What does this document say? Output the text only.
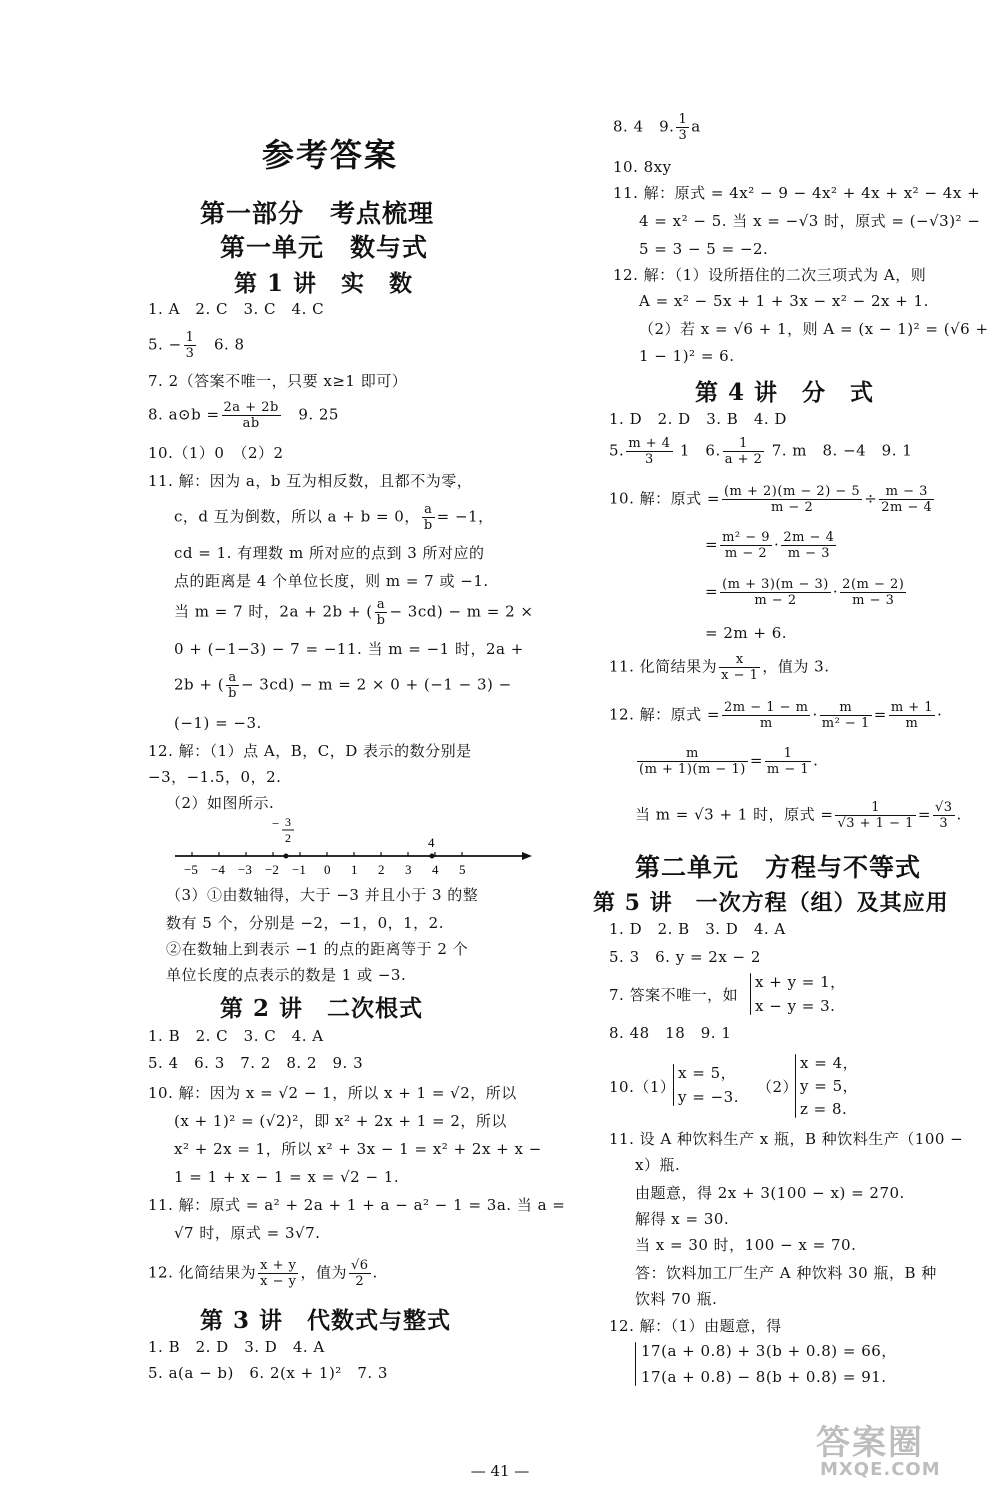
参考答案
第一部分　考点梳理
第一单元　数与式
第 1 讲　实　数
1. A　2. C　3. C　4. C
5. − $\frac{1}{3}$ 　6. 8
7. 2（答案不唯一，只要 x≥1 即可）
8. a⊙b = $\frac{2a + 2b}{ab}$ 　9. 25
10.（1）0　（2）2
11. 解：因为 a，b 互为相反数，且都不为零，
c，d 互为倒数，所以 a + b = 0， $\frac{a}{b} = -1$，
cd = 1. 有理数 m 所对应的点到 3 所对应的
点的距离是 4 个单位长度，则 m = 7 或 −1.
当 m = 7 时，2a + 2b + ( $\frac{a}{b} - 3cd) - m = 2$ ×
0 + (−1−3) − 7 = −11. 当 m = −1 时，2a +
2b + ( $\frac{a}{b} - 3cd) - m = 2 \times 0 + (-1 - 3)$ −
(−1) = −3.
12. 解：（1）点 A，B，C，D 表示的数分别是
−3，−1.5，0，2.
（2）如图所示.
−5 −4 −3 −2 −1 0 1 2 3 4 5
− 3
2	4
（3）①由数轴得，大于 −3 并且小于 3 的整
数有 5 个，分别是 −2，−1，0，1，2.
②在数轴上到表示 −1 的点的距离等于 2 个
单位长度的点表示的数是 1 或 −3.
第 2 讲　二次根式
1. B　2. C　3. C　4. A
5. 4　6. 3　7. 2　8. 2　9. 3
10. 解：因为 x = √2 − 1，所以 x + 1 = √2，所以
(x + 1)² = (√2)²，即 x² + 2x + 1 = 2，所以
x² + 2x = 1，所以 x² + 3x − 1 = x² + 2x + x −
1 = 1 + x − 1 = x = √2 − 1.
11. 解：原式 = a² + 2a + 1 + a − a² − 1 = 3a. 当 a =
√7 时，原式 = 3√7.
12. 化简结果为 $\frac{x + y}{x - y}$ ，值为 $\frac{√6}{2}$ .
第 3 讲　代数式与整式
1. B　2. D　3. D　4. A
5. a(a − b)　6. 2(x + 1)²　7. 3
8. 4　9. $\frac{1}{3}$ a
10. 8xy
11. 解：原式 = 4x² − 9 − 4x² + 4x + x² − 4x +
4 = x² − 5. 当 x = −√3 时，原式 = (−√3)² −
5 = 3 − 5 = −2.
12. 解：（1）设所捂住的二次三项式为 A，则
A = x² − 5x + 1 + 3x − x² − 2x + 1.
（2）若 x = √6 + 1，则 A = (x − 1)² = (√6 +
1 − 1)² = 6.
第 4 讲　分　式
1. D　2. D　3. B　4. D
5. $\frac{m + 4}{3} 1$　6. $\frac{1}{a + 2} 7$. m　8. −4　9. 1
10. 解：原式 = $\frac{(m + 2)(m - 2) - 5}{m - 2} \div \frac{m - 3}{2m - 4}$
= $\frac{\text{m² − 9}}{m - 2} \cdot \frac{2m - 4}{m - 3}$
= $\frac{(m + 3)(m - 3)}{m - 2} \cdot \frac{2(m - 2)}{m - 3}$
= 2m + 6.
11. 化简结果为 $\frac{x}{x - 1}$ ，值为 3.
12. 解：原式 = $\frac{2m - 1 - m}{m} \cdot \frac{m}{\text{m² − 1}} = \frac{m + 1}{m}$ ·
$\frac{m}{(m + 1)(m - 1)} = \frac{1}{m - 1}$ .
当 m = √3 + 1 时，原式 = $\frac{1}{√3 + 1 - 1} = \frac{√3}{3}$ .
第二单元　方程与不等式
第 5 讲　一次方程（组）及其应用
1. D　2. B　3. D　4. A
5. 3　6. y = 2x − 2
7. 答案不唯一，如
x + y = 1，
x − y = 3.
8. 48　18　9. 1
10.（1）
x = 5，
y = −3.
（2）
x = 4，
y = 5，
z = 8.
11. 设 A 种饮料生产 x 瓶，B 种饮料生产（100 −
x）瓶.
由题意，得 2x + 3(100 − x) = 270.
解得 x = 30.
当 x = 30 时，100 − x = 70.
答：饮料加工厂生产 A 种饮料 30 瓶，B 种
饮料 70 瓶.
12. 解：（1）由题意，得
17(a + 0.8) + 3(b + 0.8) = 66，
17(a + 0.8) − 8(b + 0.8) = 91.
— 41 —
答案圈
MXQE.COM
